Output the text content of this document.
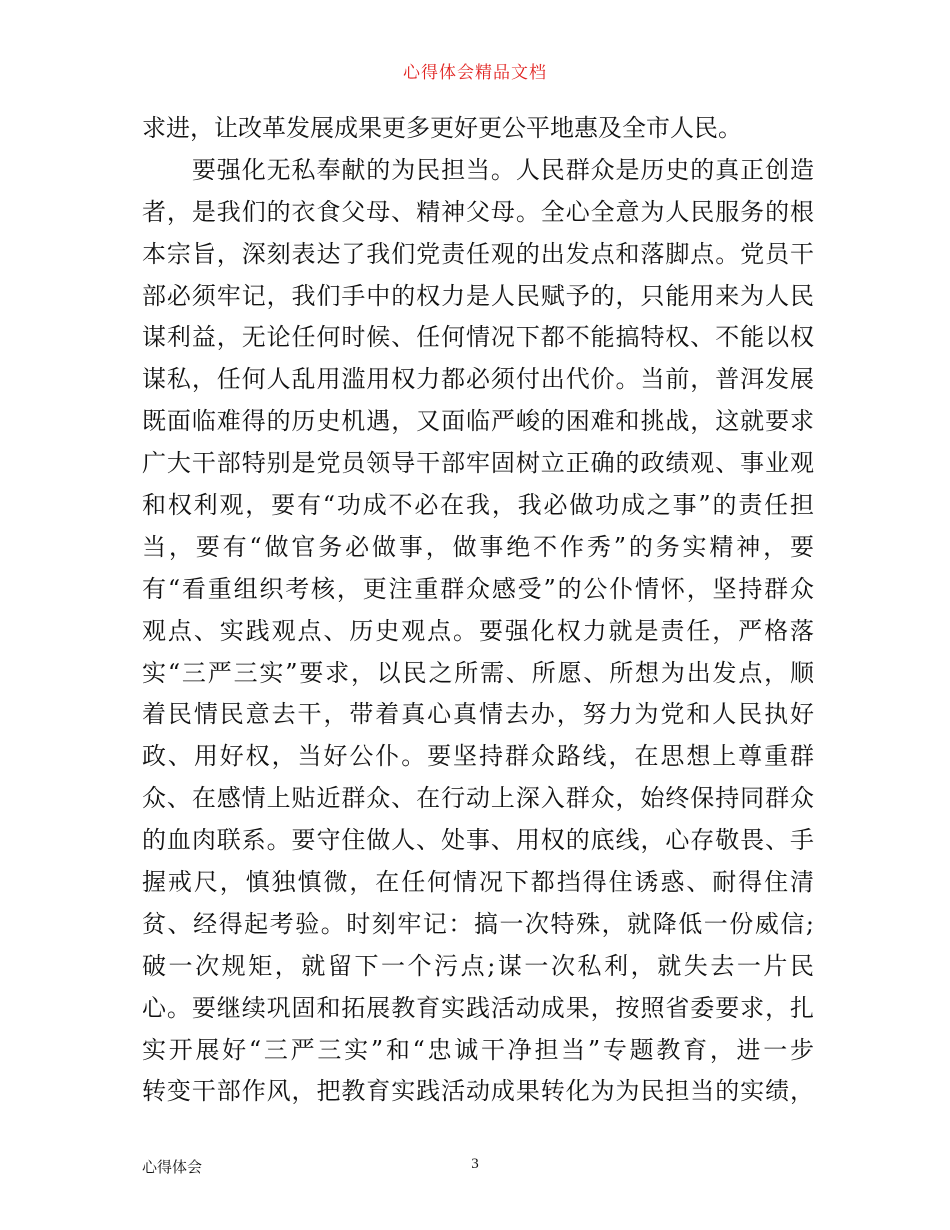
心得体会精品文档
求进，让改革发展成果更多更好更公平地惠及全市人民。
　　要强化无私奉献的为民担当。人民群众是历史的真正创造
者，是我们的衣食父母、精神父母。全心全意为人民服务的根
本宗旨，深刻表达了我们党责任观的出发点和落脚点。党员干
部必须牢记，我们手中的权力是人民赋予的，只能用来为人民
谋利益，无论任何时候、任何情况下都不能搞特权、不能以权
谋私，任何人乱用滥用权力都必须付出代价。当前，普洱发展
既面临难得的历史机遇，又面临严峻的困难和挑战，这就要求
广大干部特别是党员领导干部牢固树立正确的政绩观、事业观
和权利观，要有“功成不必在我，我必做功成之事”的责任担
当，要有“做官务必做事，做事绝不作秀”的务实精神，要
有“看重组织考核，更注重群众感受”的公仆情怀，坚持群众
观点、实践观点、历史观点。要强化权力就是责任，严格落
实“三严三实”要求，以民之所需、所愿、所想为出发点，顺
着民情民意去干，带着真心真情去办，努力为党和人民执好
政、用好权，当好公仆。要坚持群众路线，在思想上尊重群
众、在感情上贴近群众、在行动上深入群众，始终保持同群众
的血肉联系。要守住做人、处事、用权的底线，心存敬畏、手
握戒尺，慎独慎微，在任何情况下都挡得住诱惑、耐得住清
贫、经得起考验。时刻牢记：搞一次特殊，就降低一份威信;
破一次规矩，就留下一个污点;谋一次私利，就失去一片民
心。要继续巩固和拓展教育实践活动成果，按照省委要求，扎
实开展好“三严三实”和“忠诚干净担当”专题教育，进一步
转变干部作风，把教育实践活动成果转化为为民担当的实绩，
心得体会	3
